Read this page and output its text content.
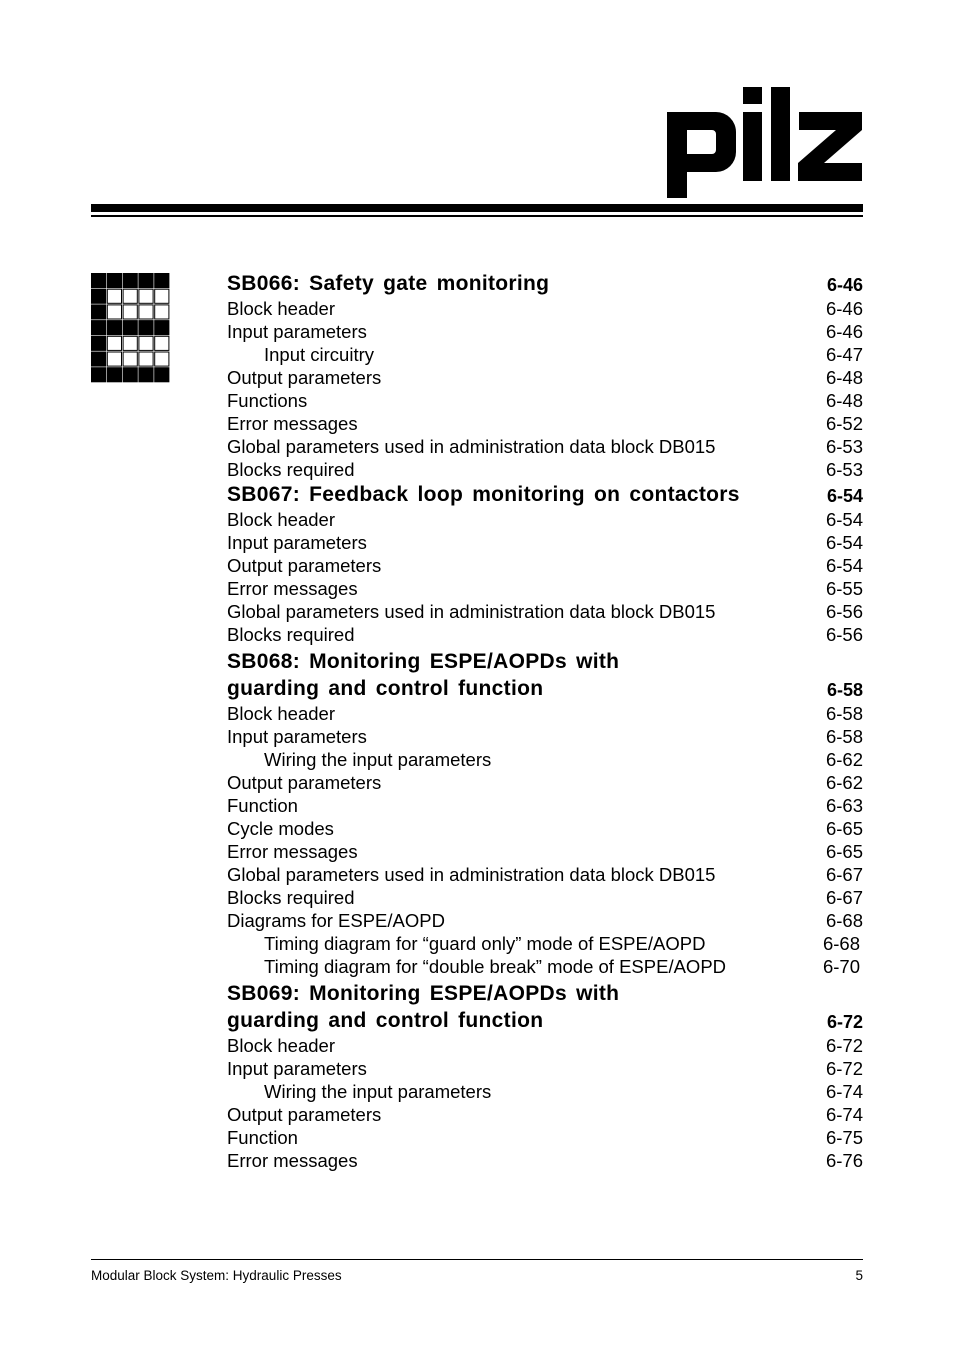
SB066: Safety gate monitoring	6-46
Block header	6-46
Input parameters	6-46
Input circuitry	6-47
Output parameters	6-48
Functions	6-48
Error messages	6-52
Global parameters used in administration data block DB015	6-53
Blocks required	6-53
SB067: Feedback loop monitoring on contactors	6-54
Block header	6-54
Input parameters	6-54
Output parameters	6-54
Error messages	6-55
Global parameters used in administration data block DB015	6-56
Blocks required	6-56
SB068: Monitoring ESPE/AOPDs with
guarding and control function	6-58
Block header	6-58
Input parameters	6-58
Wiring the input parameters	6-62
Output parameters	6-62
Function	6-63
Cycle modes	6-65
Error messages	6-65
Global parameters used in administration data block DB015	6-67
Blocks required	6-67
Diagrams for ESPE/AOPD	6-68
Timing diagram for “guard only” mode of ESPE/AOPD	6-68
Timing diagram for “double break” mode of ESPE/AOPD	6-70
SB069: Monitoring ESPE/AOPDs with
guarding and control function	6-72
Block header	6-72
Input parameters	6-72
Wiring the input parameters	6-74
Output parameters	6-74
Function	6-75
Error messages	6-76
Modular Block System: Hydraulic Presses	5
